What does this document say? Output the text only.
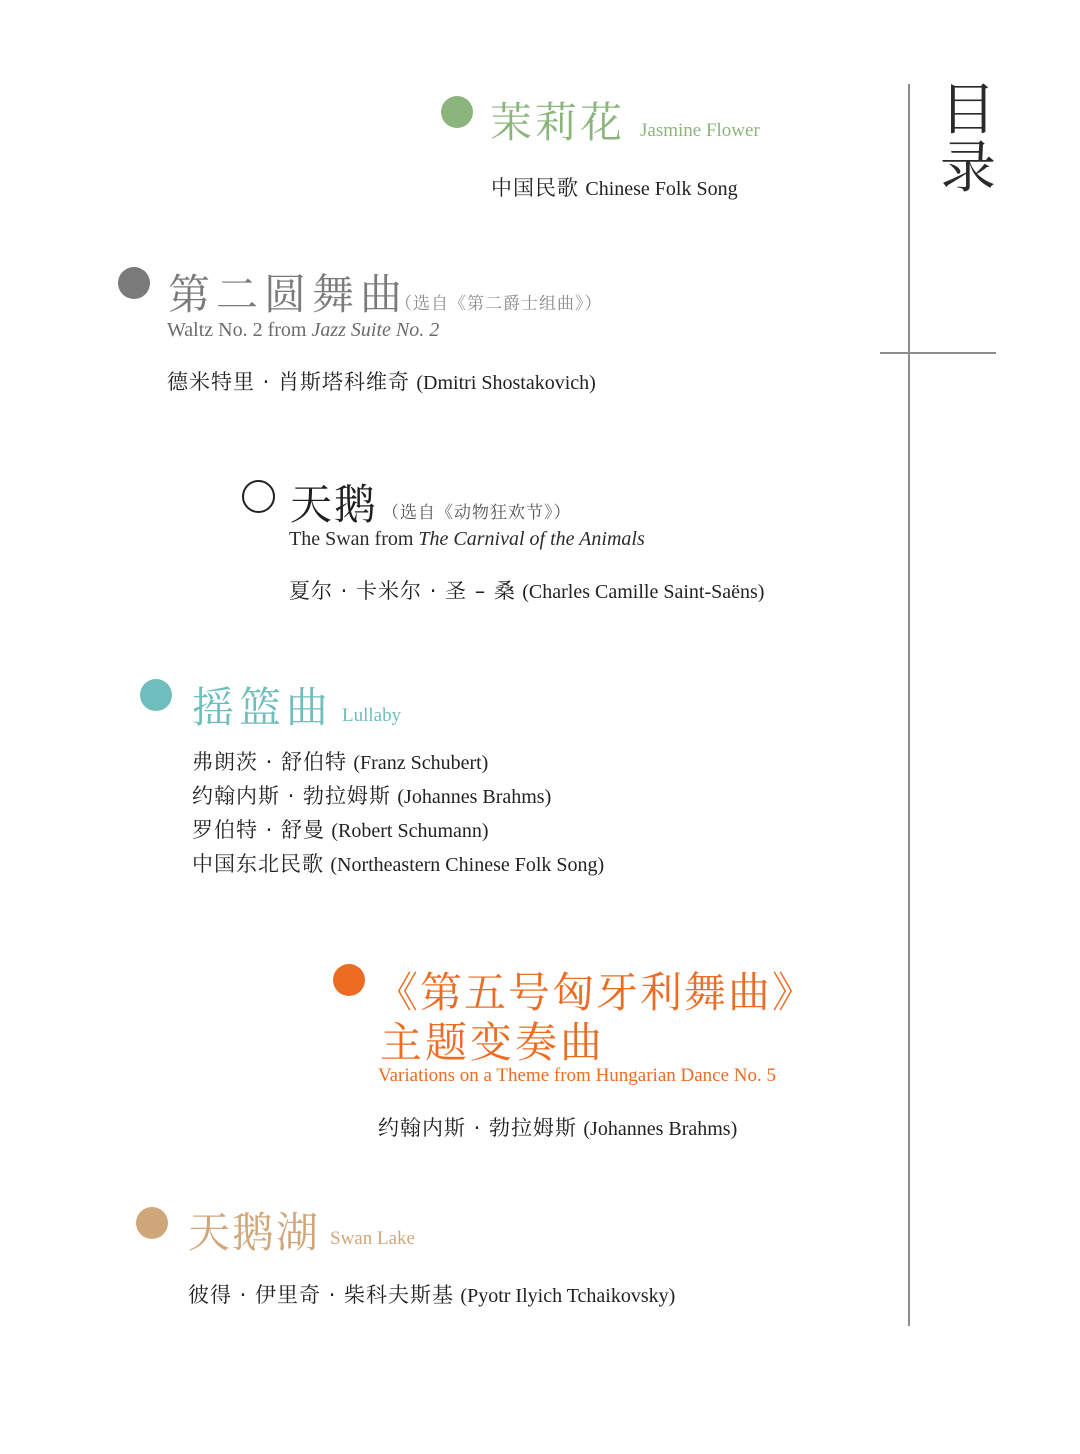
目
录
茉莉花 Jasmine Flower
中国民歌 Chinese Folk Song
第二圆舞曲
（选自《第二爵士组曲》）
Waltz No. 2 from Jazz Suite No. 2
德米特里 · 肖斯塔科维奇 (Dmitri Shostakovich)
天鹅 （选自《动物狂欢节》）
The Swan from The Carnival of the Animals
夏尔 · 卡米尔 · 圣 – 桑 (Charles Camille Saint-Saëns)
摇篮曲 Lullaby
弗朗茨 · 舒伯特 (Franz Schubert)
约翰内斯 · 勃拉姆斯 (Johannes Brahms)
罗伯特 · 舒曼 (Robert Schumann)
中国东北民歌 (Northeastern Chinese Folk Song)
《第五号匈牙利舞曲》
主题变奏曲
Variations on a Theme from Hungarian Dance No. 5
约翰内斯 · 勃拉姆斯 (Johannes Brahms)
天鹅湖 Swan Lake
彼得 · 伊里奇 · 柴科夫斯基 (Pyotr Ilyich Tchaikovsky)
